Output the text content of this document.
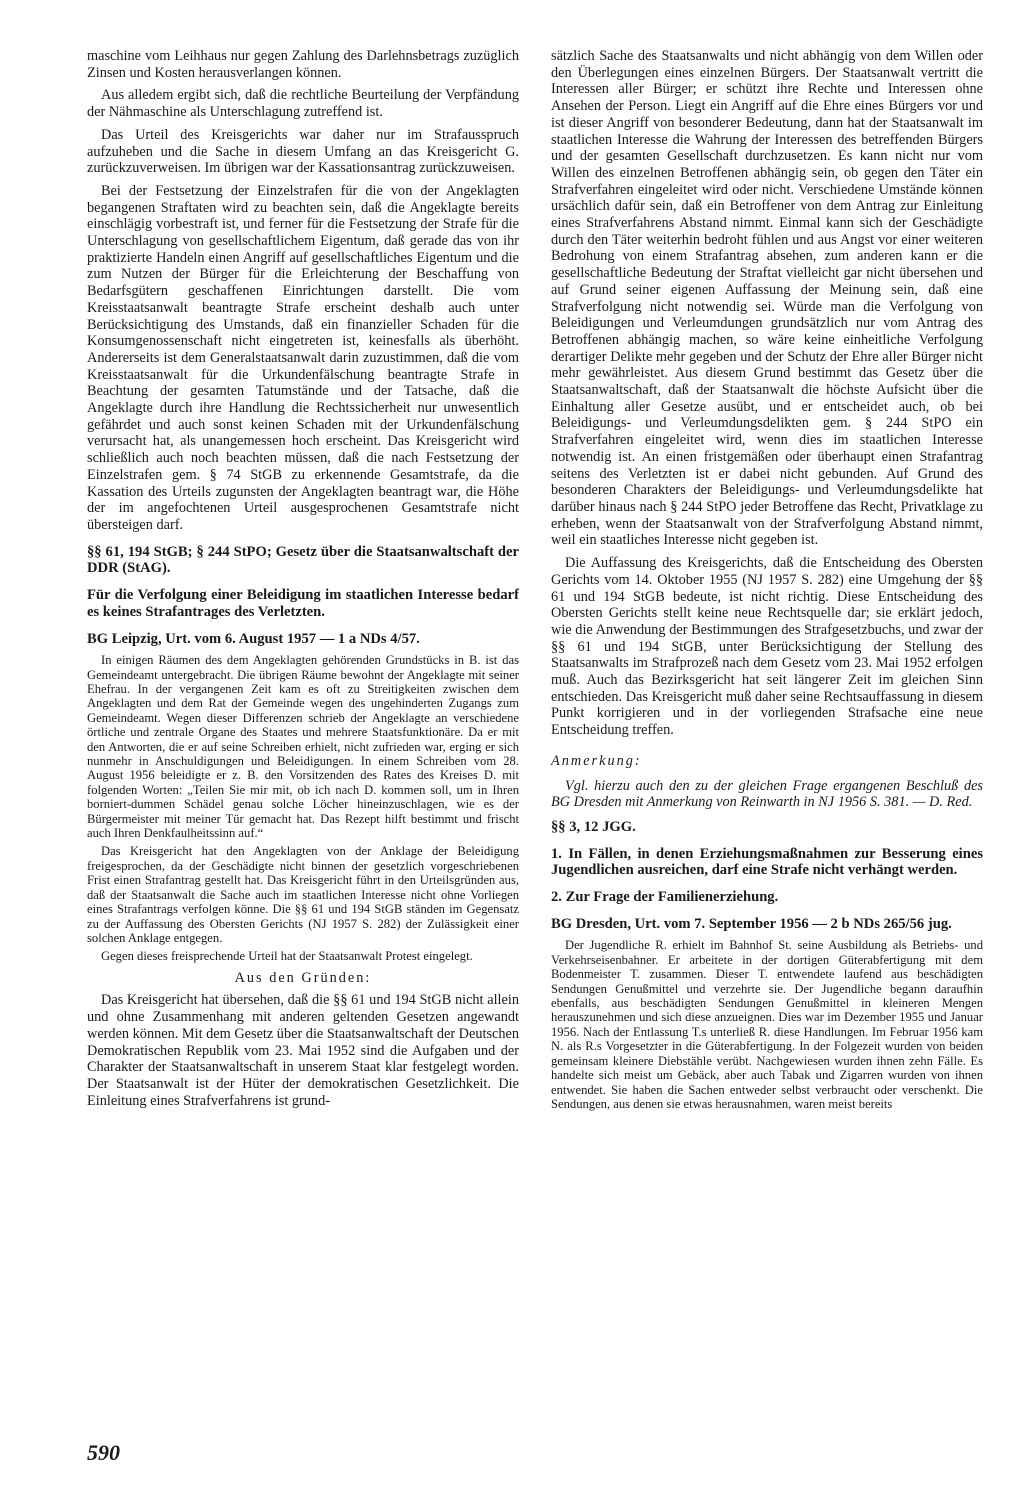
maschine vom Leihhaus nur gegen Zahlung des Darlehnsbetrags zuzüglich Zinsen und Kosten herausverlangen können.

Aus alledem ergibt sich, daß die rechtliche Beurteilung der Verpfändung der Nähmaschine als Unterschlagung zutreffend ist.

Das Urteil des Kreisgerichts war daher nur im Strafausspruch aufzuheben und die Sache in diesem Umfang an das Kreisgericht G. zurückzuverweisen. Im übrigen war der Kassationsantrag zurückzuweisen.

Bei der Festsetzung der Einzelstrafen für die von der Angeklagten begangenen Straftaten wird zu beachten sein, daß die Angeklagte bereits einschlägig vorbestraft ist, und ferner für die Festsetzung der Strafe für die Unterschlagung von gesellschaftlichem Eigentum, daß gerade das von ihr praktizierte Handeln einen Angriff auf gesellschaftliches Eigentum und die zum Nutzen der Bürger für die Erleichterung der Beschaffung von Bedarfsgütern geschaffenen Einrichtungen darstellt. Die vom Kreisstaatsanwalt beantragte Strafe erscheint deshalb auch unter Berücksichtigung des Umstands, daß ein finanzieller Schaden für die Konsumgenossenschaft nicht eingetreten ist, keinesfalls als überhöht. Andererseits ist dem Generalstaatsanwalt darin zuzustimmen, daß die vom Kreisstaatsanwalt für die Urkundenfälschung beantragte Strafe in Beachtung der gesamten Tatumstände und der Tatsache, daß die Angeklagte durch ihre Handlung die Rechtssicherheit nur unwesentlich gefährdet und auch sonst keinen Schaden mit der Urkundenfälschung verursacht hat, als unangemessen hoch erscheint. Das Kreisgericht wird schließlich auch noch beachten müssen, daß die nach Festsetzung der Einzelstrafen gem. § 74 StGB zu erkennende Gesamtstrafe, da die Kassation des Urteils zugunsten der Angeklagten beantragt war, die Höhe der im angefochtenen Urteil ausgesprochenen Gesamtstrafe nicht übersteigen darf.

§§ 61, 194 StGB; § 244 StPO; Gesetz über die Staatsanwaltschaft der DDR (StAG).
Für die Verfolgung einer Beleidigung im staatlichen Interesse bedarf es keines Strafantrages des Verletzten.
BG Leipzig, Urt. vom 6. August 1957 — 1 a NDs 4/57.

In einigen Räumen des dem Angeklagten gehörenden Grundstücks in B. ist das Gemeindeamt untergebracht. Die übrigen Räume bewohnt der Angeklagte mit seiner Ehefrau. In der vergangenen Zeit kam es oft zu Streitigkeiten zwischen dem Angeklagten und dem Rat der Gemeinde wegen des ungehinderten Zugangs zum Gemeindeamt. Wegen dieser Differenzen schrieb der Angeklagte an verschiedene örtliche und zentrale Organe des Staates und mehrere Staatsfunktionäre. Da er mit den Antworten, die er auf seine Schreiben erhielt, nicht zufrieden war, erging er sich nunmehr in Anschuldigungen und Beleidigungen. In einem Schreiben vom 28. August 1956 beleidigte er z. B. den Vorsitzenden des Rates des Kreises D. mit folgenden Worten: „Teilen Sie mir mit, ob ich nach D. kommen soll, um in Ihren borniert-dummen Schädel genau solche Löcher hineinzuschlagen, wie es der Bürgermeister mit meiner Tür gemacht hat. Das Rezept hilft bestimmt und frischt auch Ihren Denkfaulheitssinn auf.“

Das Kreisgericht hat den Angeklagten von der Anklage der Beleidigung freigesprochen, da der Geschädigte nicht binnen der gesetzlich vorgeschriebenen Frist einen Strafantrag gestellt hat. Das Kreisgericht führt in den Urteilsgründen aus, daß der Staatsanwalt die Sache auch im staatlichen Interesse nicht ohne Vorliegen eines Strafantrags verfolgen könne. Die §§ 61 und 194 StGB ständen im Gegensatz zu der Auffassung des Obersten Gerichts (NJ 1957 S. 282) der Zulässigkeit einer solchen Anklage entgegen.

Gegen dieses freisprechende Urteil hat der Staatsanwalt Protest eingelegt.

Aus den Gründen:

Das Kreisgericht hat übersehen, daß die §§ 61 und 194 StGB nicht allein und ohne Zusammenhang mit anderen geltenden Gesetzen angewandt werden können. Mit dem Gesetz über die Staatsanwaltschaft der Deutschen Demokratischen Republik vom 23. Mai 1952 sind die Aufgaben und der Charakter der Staatsanwaltschaft in unserem Staat klar festgelegt worden. Der Staatsanwalt ist der Hüter der demokratischen Gesetzlichkeit. Die Einleitung eines Strafverfahrens ist grund-

sätzlich Sache des Staatsanwalts und nicht abhängig von dem Willen oder den Überlegungen eines einzelnen Bürgers. Der Staatsanwalt vertritt die Interessen aller Bürger; er schützt ihre Rechte und Interessen ohne Ansehen der Person. Liegt ein Angriff auf die Ehre eines Bürgers vor und ist dieser Angriff von besonderer Bedeutung, dann hat der Staatsanwalt im staatlichen Interesse die Wahrung der Interessen des betreffenden Bürgers und der gesamten Gesellschaft durchzusetzen. Es kann nicht nur vom Willen des einzelnen Betroffenen abhängig sein, ob gegen den Täter ein Strafverfahren eingeleitet wird oder nicht. Verschiedene Umstände können ursächlich dafür sein, daß ein Betroffener von dem Antrag zur Einleitung eines Strafverfahrens Abstand nimmt. Einmal kann sich der Geschädigte durch den Täter weiterhin bedroht fühlen und aus Angst vor einer weiteren Bedrohung von einem Strafantrag absehen, zum anderen kann er die gesellschaftliche Bedeutung der Straftat vielleicht gar nicht übersehen und auf Grund seiner eigenen Auffassung der Meinung sein, daß eine Strafverfolgung nicht notwendig sei. Würde man die Verfolgung von Beleidigungen und Verleumdungen grundsätzlich nur vom Antrag des Betroffenen abhängig machen, so wäre keine einheitliche Verfolgung derartiger Delikte mehr gegeben und der Schutz der Ehre aller Bürger nicht mehr gewährleistet. Aus diesem Grund bestimmt das Gesetz über die Staatsanwaltschaft, daß der Staatsanwalt die höchste Aufsicht über die Einhaltung aller Gesetze ausübt, und er entscheidet auch, ob bei Beleidigungs- und Verleumdungsdelikten gem. § 244 StPO ein Strafverfahren eingeleitet wird, wenn dies im staatlichen Interesse notwendig ist. An einen fristgemäßen oder überhaupt einen Strafantrag seitens des Verletzten ist er dabei nicht gebunden. Auf Grund des besonderen Charakters der Beleidigungs- und Verleumdungsdelikte hat darüber hinaus nach § 244 StPO jeder Betroffene das Recht, Privatklage zu erheben, wenn der Staatsanwalt von der Strafverfolgung Abstand nimmt, weil ein staatliches Interesse nicht gegeben ist.

Die Auffassung des Kreisgerichts, daß die Entscheidung des Obersten Gerichts vom 14. Oktober 1955 (NJ 1957 S. 282) eine Umgehung der §§ 61 und 194 StGB bedeute, ist nicht richtig. Diese Entscheidung des Obersten Gerichts stellt keine neue Rechtsquelle dar; sie erklärt jedoch, wie die Anwendung der Bestimmungen des Strafgesetzbuchs, und zwar der §§ 61 und 194 StGB, unter Berücksichtigung der Stellung des Staatsanwalts im Strafprozeß nach dem Gesetz vom 23. Mai 1952 erfolgen muß. Auch das Bezirksgericht hat seit längerer Zeit im gleichen Sinn entschieden. Das Kreisgericht muß daher seine Rechtsauffassung in diesem Punkt korrigieren und in der vorliegenden Strafsache eine neue Entscheidung treffen.

Anmerkung:

Vgl. hierzu auch den zu der gleichen Frage ergangenen Beschluß des BG Dresden mit Anmerkung von Reinwarth in NJ 1956 S. 381. — D. Red.

§§ 3, 12 JGG.
1. In Fällen, in denen Erziehungsmaßnahmen zur Besserung eines Jugendlichen ausreichen, darf eine Strafe nicht verhängt werden.
2. Zur Frage der Familienerziehung.
BG Dresden, Urt. vom 7. September 1956 — 2 b NDs 265/56 jug.

Der Jugendliche R. erhielt im Bahnhof St. seine Ausbildung als Betriebs- und Verkehrseisenbahner. Er arbeitete in der dortigen Güterabfertigung mit dem Bodenmeister T. zusammen. Dieser T. entwendete laufend aus beschädigten Sendungen Genußmittel und verzehrte sie. Der Jugendliche begann daraufhin ebenfalls, aus beschädigten Sendungen Genußmittel in kleineren Mengen herauszunehmen und sich diese anzueignen. Dies war im Dezember 1955 und Januar 1956. Nach der Entlassung T.s unterließ R. diese Handlungen. Im Februar 1956 kam N. als R.s Vorgesetzter in die Güterabfertigung. In der Folgezeit wurden von beiden gemeinsam kleinere Diebstähle verübt. Nachgewiesen wurden ihnen zehn Fälle. Es handelte sich meist um Gebäck, aber auch Tabak und Zigarren wurden von ihnen entwendet. Sie haben die Sachen entweder selbst verbraucht oder verschenkt. Die Sendungen, aus denen sie etwas herausnahmen, waren meist bereits

590
